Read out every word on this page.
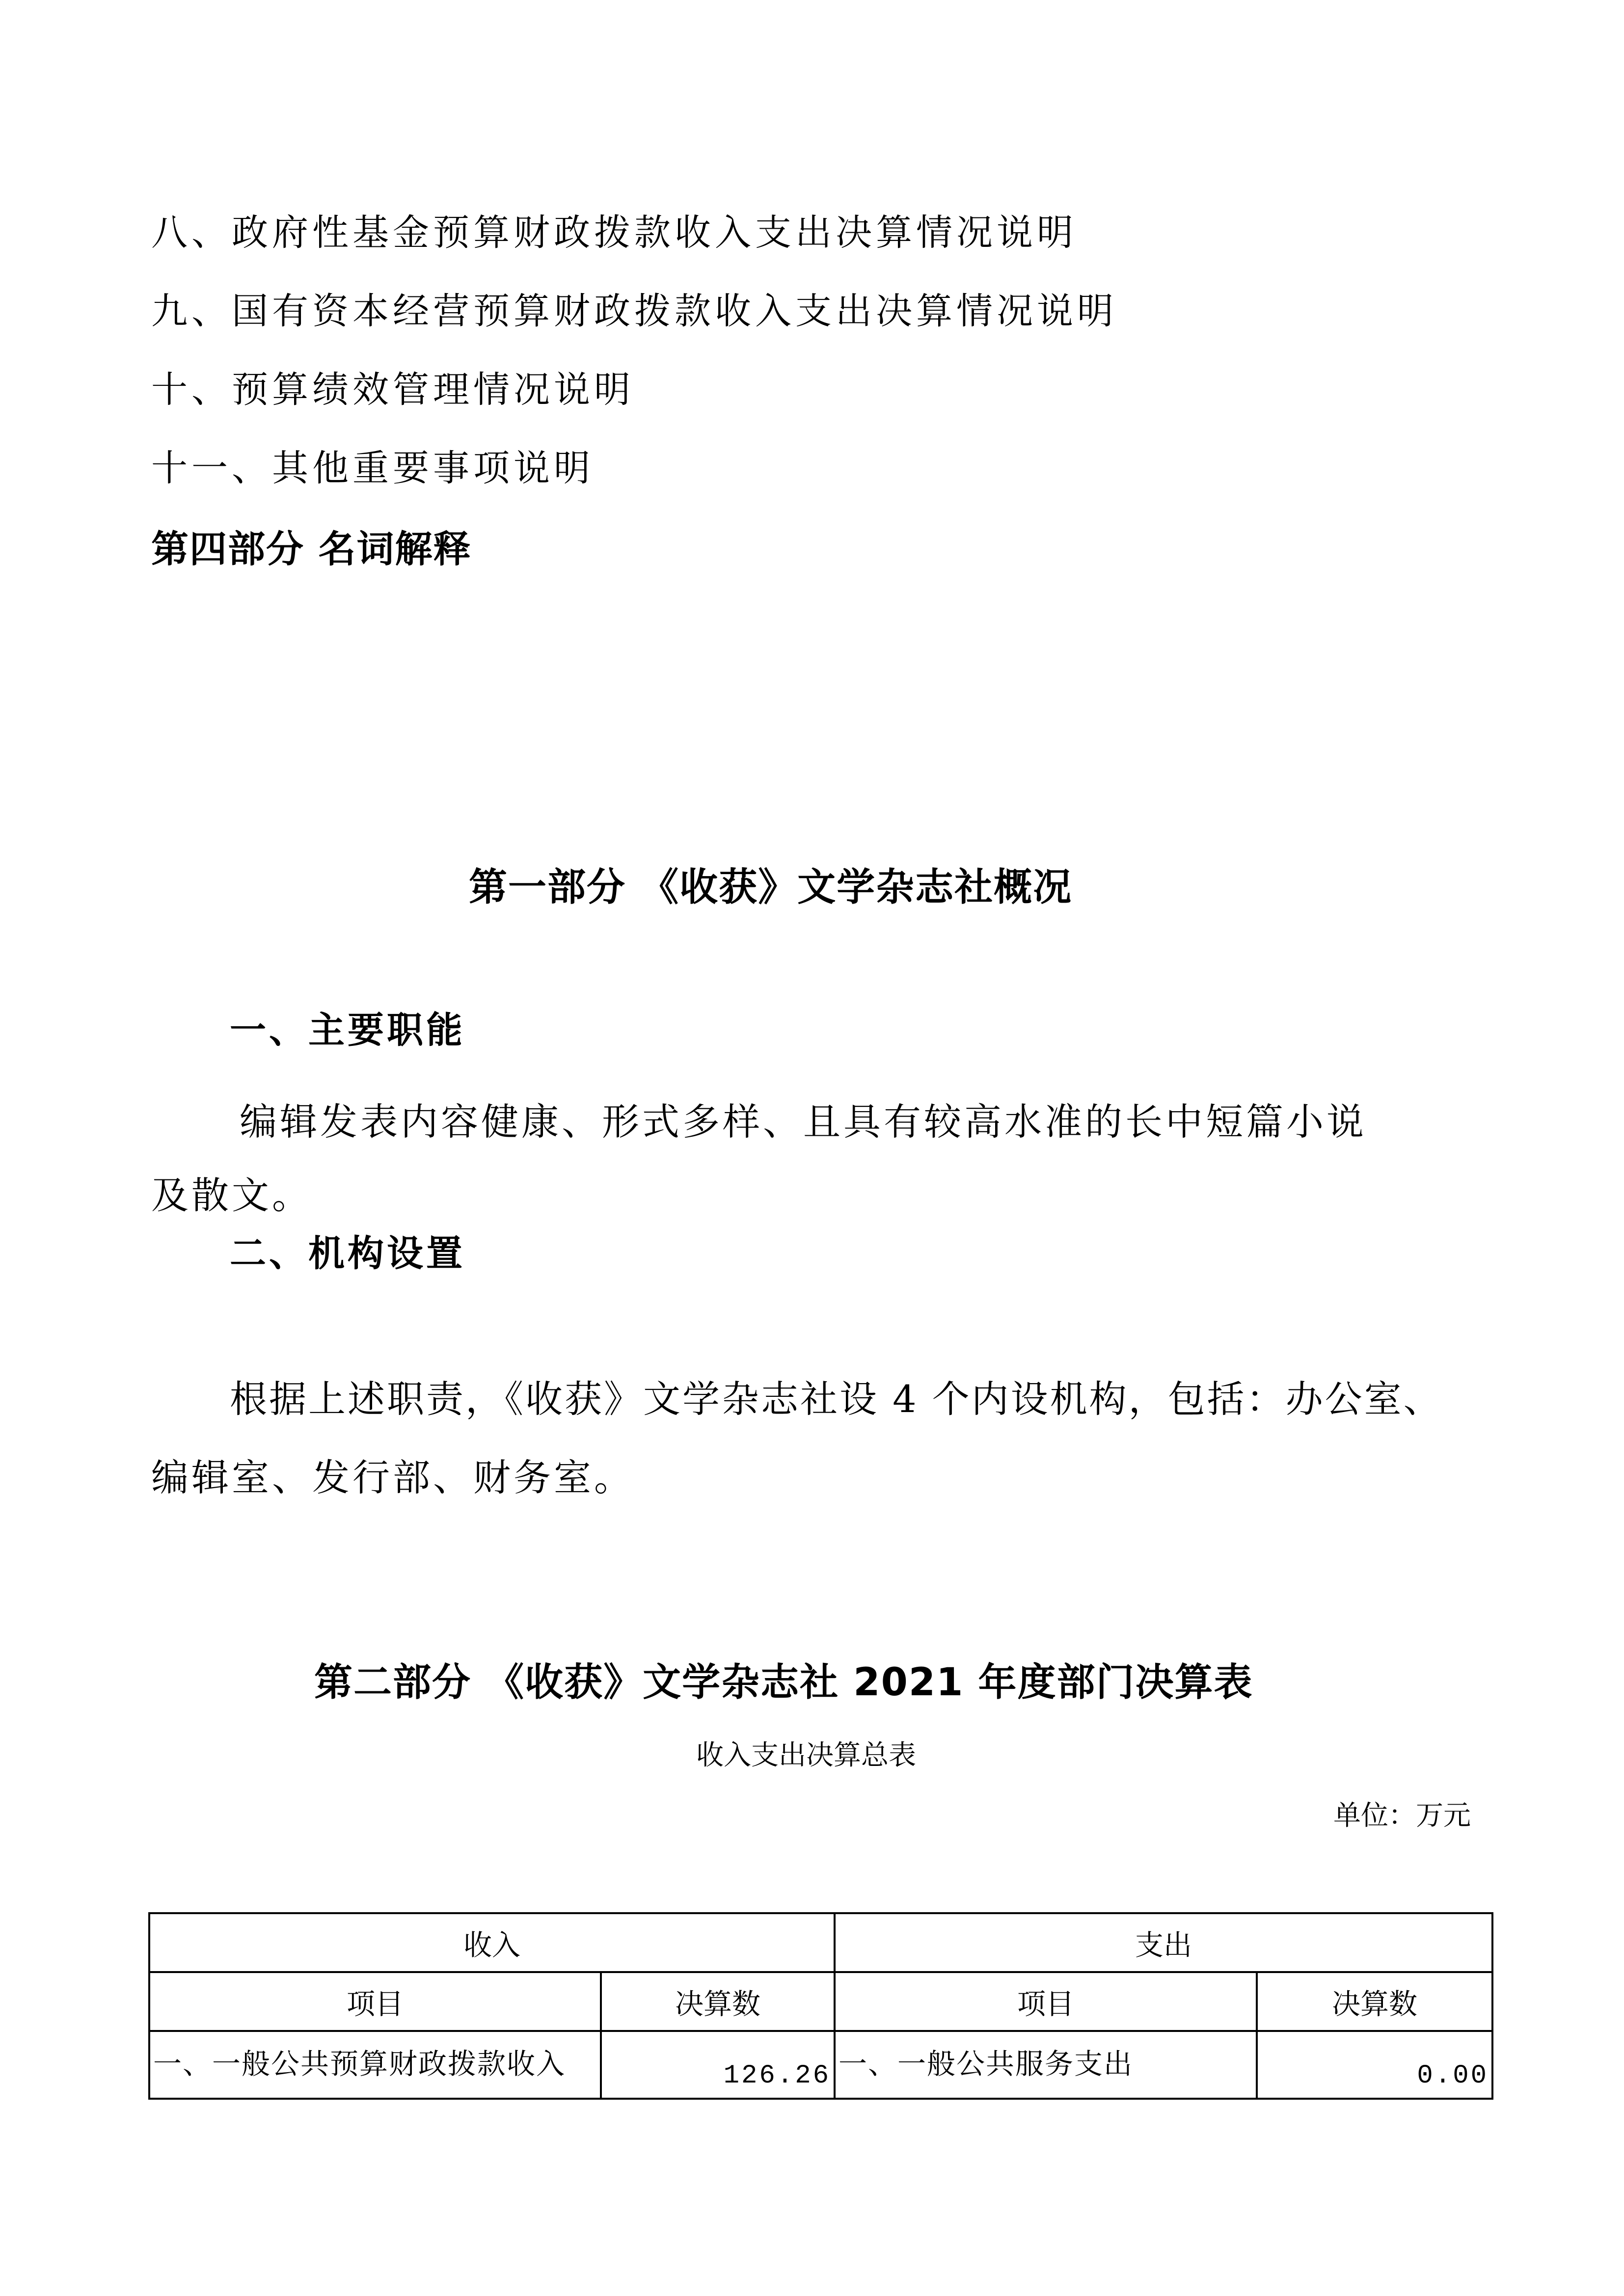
八、政府性基金预算财政拨款收入支出决算情况说明
九、国有资本经营预算财政拨款收入支出决算情况说明
十、预算绩效管理情况说明
十一、其他重要事项说明
第四部分 名词解释
第一部分 《收获》文学杂志社概况
一、主要职能
编辑发表内容健康、形式多样、且具有较高水准的长中短篇小说
及散文。
二、机构设置
根据上述职责，《收获》文学杂志社设 4 个内设机构，包括：办公室、
编辑室、发行部、财务室。
第二部分 《收获》文学杂志社 2021 年度部门决算表
收入支出决算总表
单位：万元
收入		支出	
项目	决算数	项目	决算数
一、一般公共预算财政拨款收入	126.26	一、一般公共服务支出	0.00
